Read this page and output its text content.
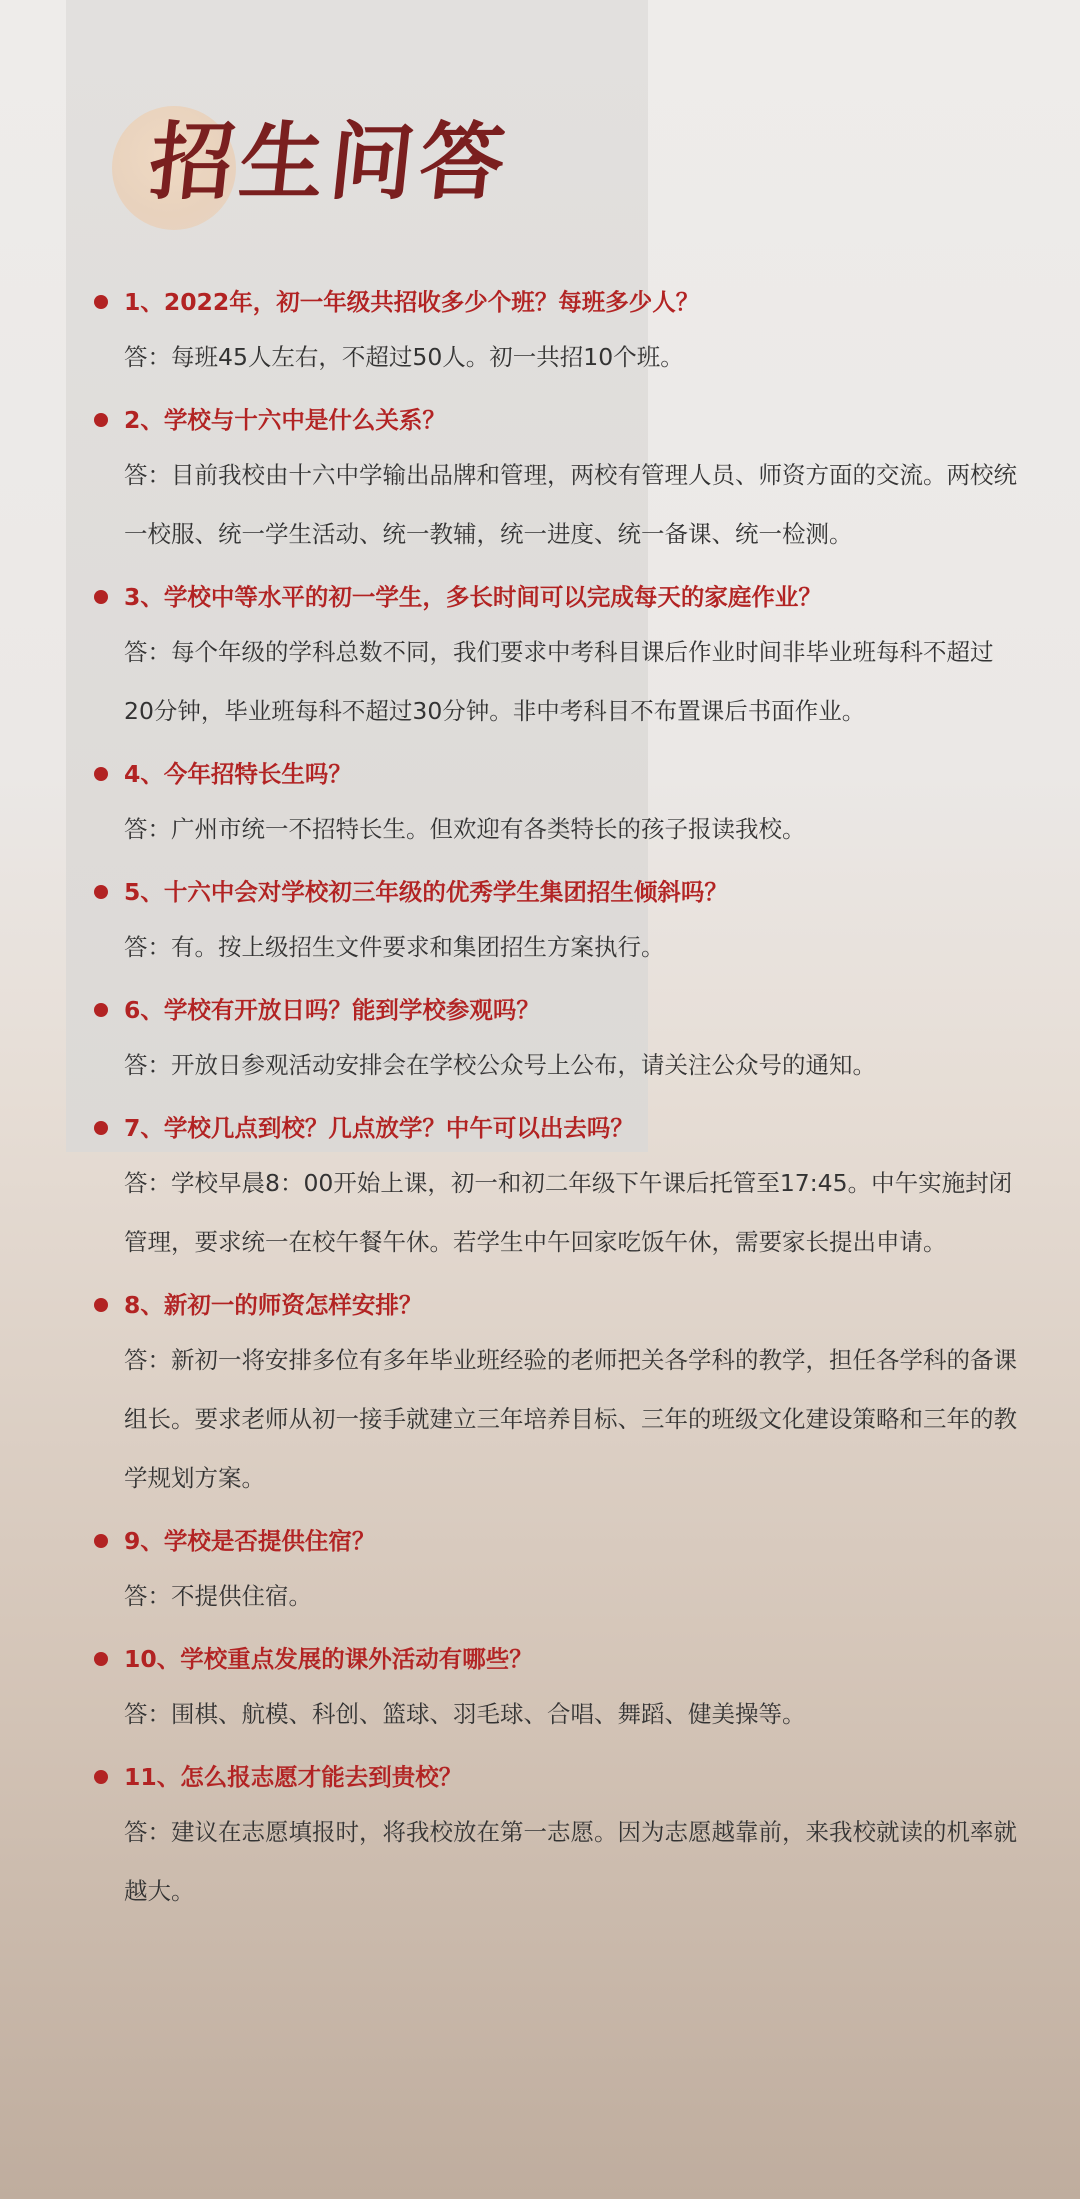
招生问答
1、2022年，初一年级共招收多少个班？每班多少人？
答：每班45人左右，不超过50人。初一共招10个班。
2、学校与十六中是什么关系？
答：目前我校由十六中学输出品牌和管理，两校有管理人员、师资方面的交流。两校统一校服、统一学生活动、统一教辅，统一进度、统一备课、统一检测。
3、学校中等水平的初一学生，多长时间可以完成每天的家庭作业？
答：每个年级的学科总数不同，我们要求中考科目课后作业时间非毕业班每科不超过20分钟，毕业班每科不超过30分钟。非中考科目不布置课后书面作业。
4、今年招特长生吗？
答：广州市统一不招特长生。但欢迎有各类特长的孩子报读我校。
5、十六中会对学校初三年级的优秀学生集团招生倾斜吗？
答：有。按上级招生文件要求和集团招生方案执行。
6、学校有开放日吗？能到学校参观吗？
答：开放日参观活动安排会在学校公众号上公布，请关注公众号的通知。
7、学校几点到校？几点放学？中午可以出去吗？
答：学校早晨8：00开始上课，初一和初二年级下午课后托管至17:45。中午实施封闭管理，要求统一在校午餐午休。若学生中午回家吃饭午休，需要家长提出申请。
8、新初一的师资怎样安排？
答：新初一将安排多位有多年毕业班经验的老师把关各学科的教学，担任各学科的备课组长。要求老师从初一接手就建立三年培养目标、三年的班级文化建设策略和三年的教学规划方案。
9、学校是否提供住宿？
答：不提供住宿。
10、学校重点发展的课外活动有哪些？
答：围棋、航模、科创、篮球、羽毛球、合唱、舞蹈、健美操等。
11、怎么报志愿才能去到贵校？
答：建议在志愿填报时，将我校放在第一志愿。因为志愿越靠前，来我校就读的机率就越大。
